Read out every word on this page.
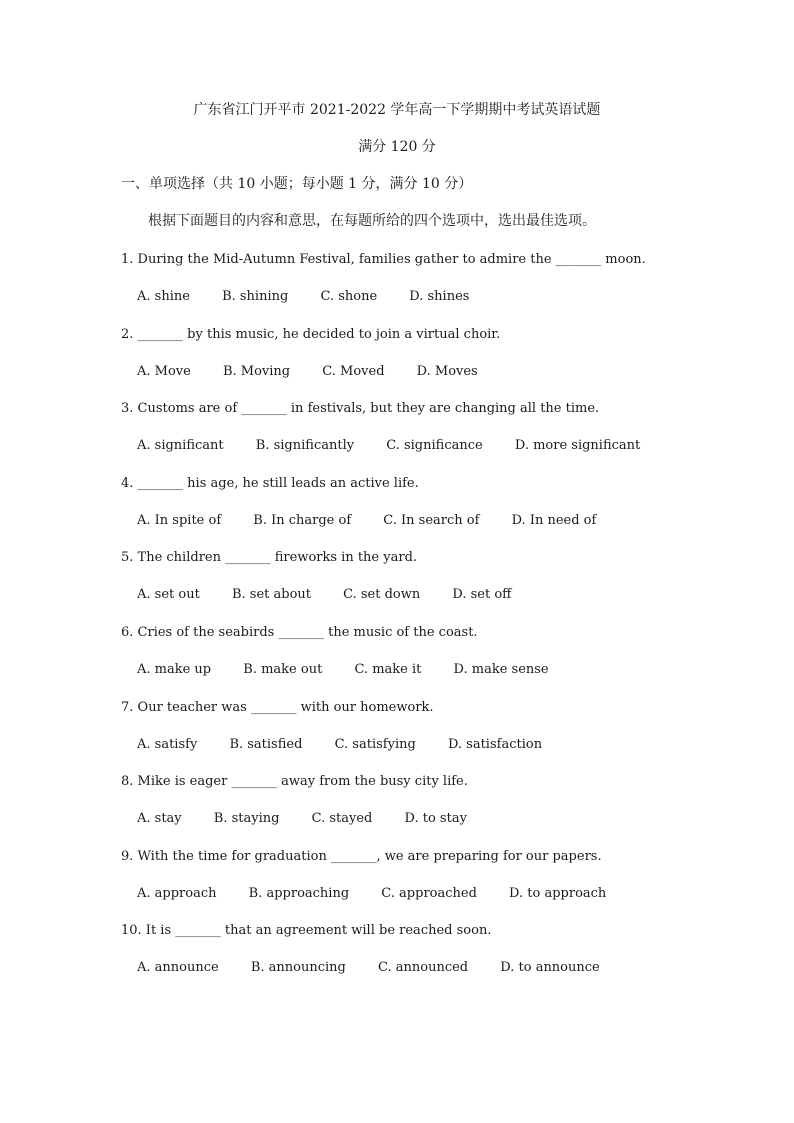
广东省江门开平市 2021-2022 学年高一下学期期中考试英语试题
满分 120 分
一、单项选择（共 10 小题；每小题 1 分，满分 10 分）
根据下面题目的内容和意思，在每题所给的四个选项中，选出最佳选项。
1. During the Mid-Autumn Festival, families gather to admire the _______ moon.
A. shine B. shining C. shone D. shines
2. _______ by this music, he decided to join a virtual choir.
A. Move B. Moving C. Moved D. Moves
3. Customs are of _______ in festivals, but they are changing all the time.
A. significant B. significantly C. significance D. more significant
4. _______ his age, he still leads an active life.
A. In spite of B. In charge of C. In search of D. In need of
5. The children _______ fireworks in the yard.
A. set out B. set about C. set down D. set off
6. Cries of the seabirds _______ the music of the coast.
A. make up B. make out C. make it D. make sense
7. Our teacher was _______ with our homework.
A. satisfy B. satisfied C. satisfying D. satisfaction
8. Mike is eager _______ away from the busy city life.
A. stay B. staying C. stayed D. to stay
9. With the time for graduation _______, we are preparing for our papers.
A. approach B. approaching C. approached D. to approach
10. It is _______ that an agreement will be reached soon.
A. announce B. announcing C. announced D. to announce
